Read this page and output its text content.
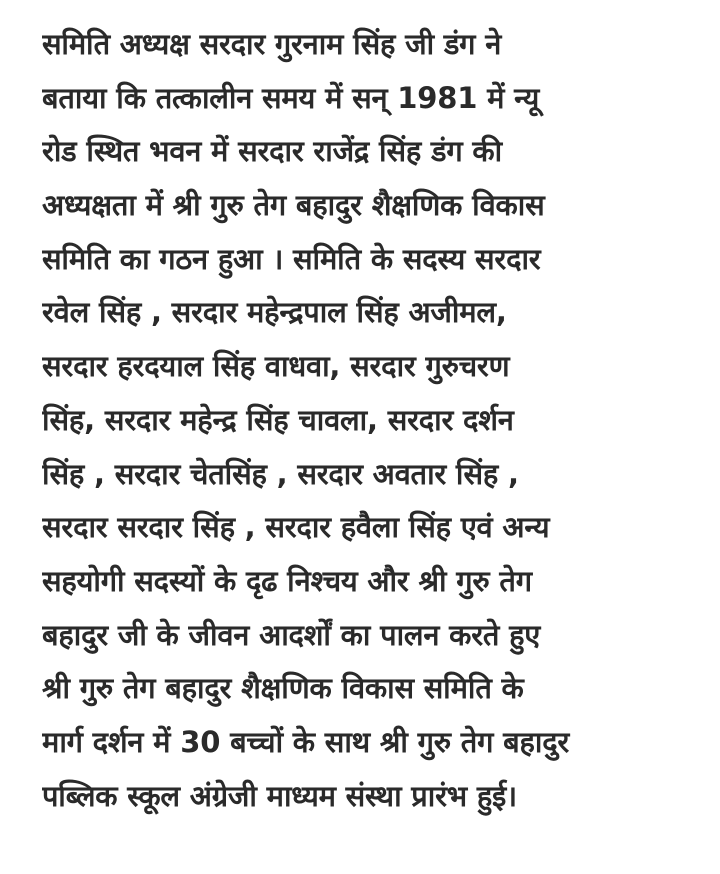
समिति अध्यक्ष सरदार गुरनाम सिंह जी डंग ने
बताया कि तत्कालीन समय में सन् 1981 में न्यू
रोड स्थित भवन में सरदार राजेंद्र सिंह डंग की
अध्यक्षता में श्री गुरु तेग बहादुर शैक्षणिक विकास
समिति का गठन हुआ । समिति के सदस्य सरदार
रवेल सिंह , सरदार महेन्द्रपाल सिंह अजीमल,
सरदार हरदयाल सिंह वाधवा, सरदार गुरुचरण
सिंह, सरदार महेन्द्र सिंह चावला, सरदार दर्शन
सिंह , सरदार चेतसिंह , सरदार अवतार सिंह ,
सरदार सरदार सिंह , सरदार हवैला सिंह एवं अन्य
सहयोगी सदस्यों के दृढ निश्चय और श्री गुरु तेग
बहादुर जी के जीवन आदर्शों का पालन करते हुए
श्री गुरु तेग बहादुर शैक्षणिक विकास समिति के
मार्ग दर्शन में 30 बच्चों के साथ श्री गुरु तेग बहादुर
पब्लिक स्कूल अंग्रेजी माध्यम संस्था प्रारंभ हुई।
